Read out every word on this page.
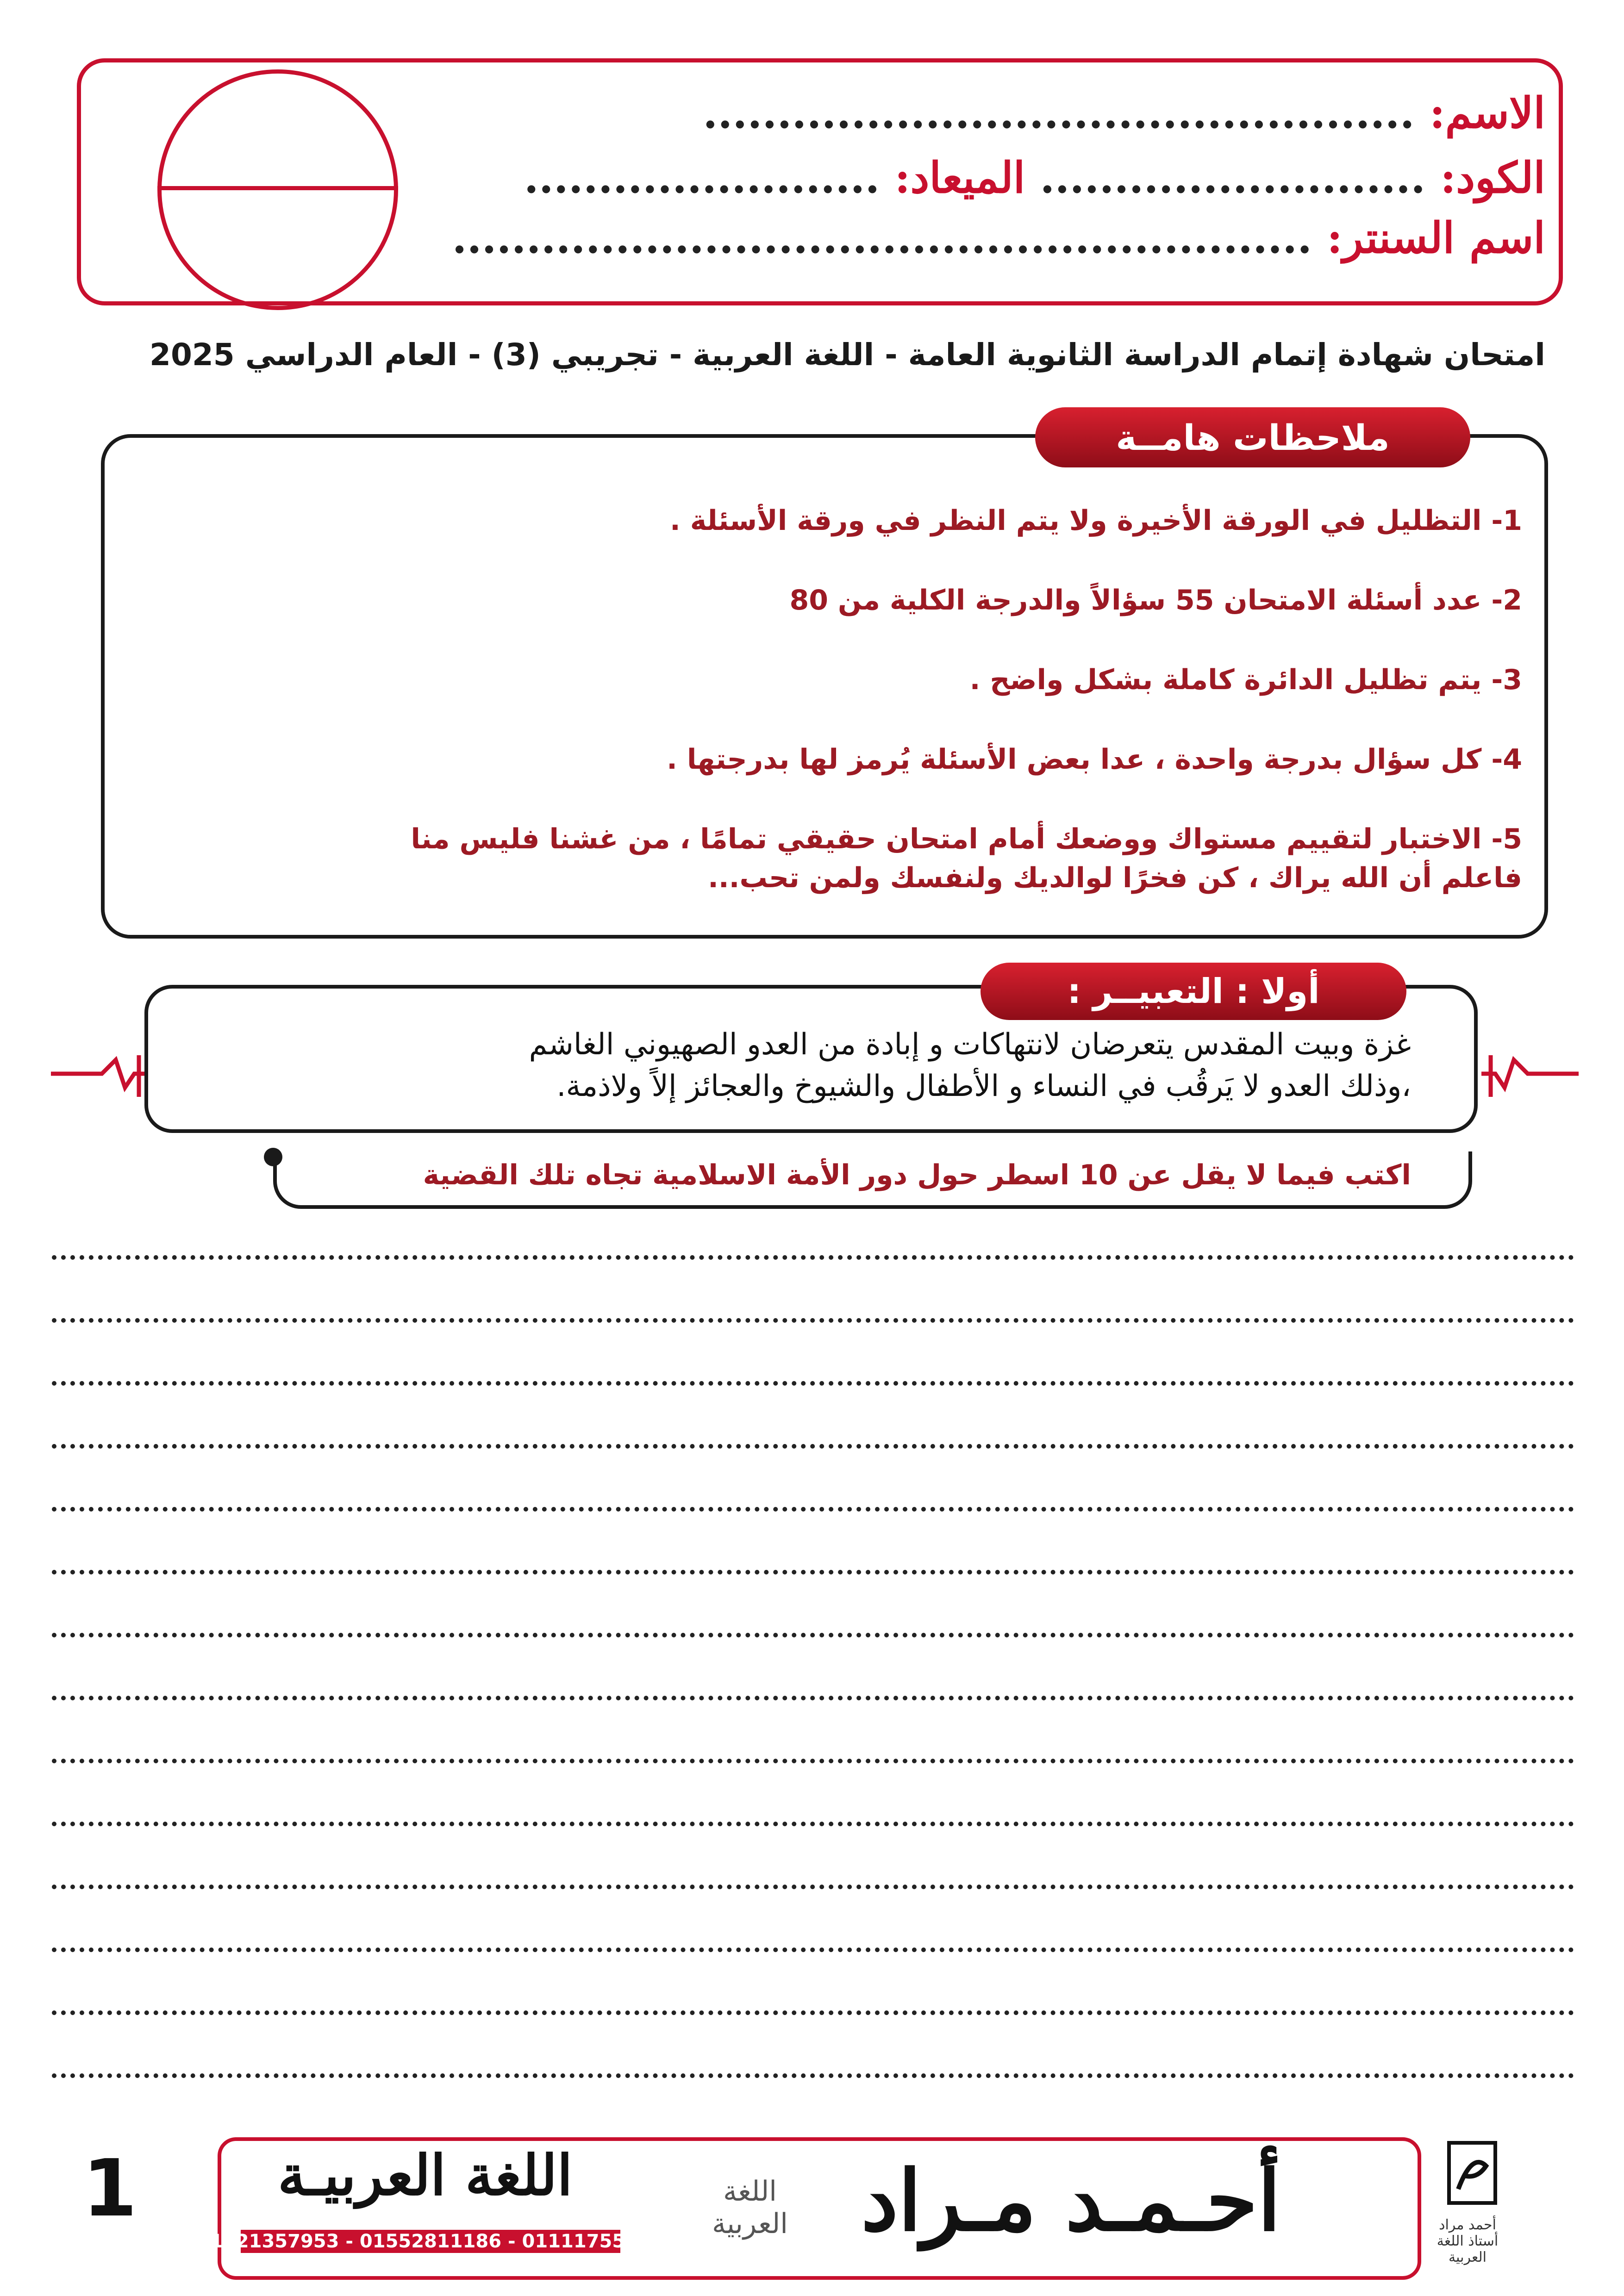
الاسم: ................................................
الكود: .......................... الميعاد: ........................
اسم السنتر: ..........................................................
امتحان شهادة إتمام الدراسة الثانوية العامة - اللغة العربية - تجريبي (3) - العام الدراسي 2025
ملاحظات هامــة
1- التظليل في الورقة الأخيرة ولا يتم النظر في ورقة الأسئلة .
2- عدد أسئلة الامتحان 55 سؤالاً والدرجة الكلية من 80
3- يتم تظليل الدائرة كاملة بشكل واضح .
4- كل سؤال بدرجة واحدة ، عدا بعض الأسئلة يُرمز لها بدرجتها .
5- الاختبار لتقييم مستواك ووضعك أمام امتحان حقيقي تمامًا ، من غشنا فليس منا
فاعلم أن الله يراك ، كن فخرًا لوالديك ولنفسك ولمن تحب...
أولا : التعبيــر :
غزة وبيت المقدس يتعرضان لانتهاكات و إبادة من العدو الصهيوني الغاشم
،وذلك العدو لا يَرقُب في النساء و الأطفال والشيوخ والعجائز إلاً ولاذمة.
اكتب فيما لا يقل عن 10 اسطر حول دور الأمة الاسلامية تجاه تلك القضية
1	اللغة العربيـة
01121357953 - 01552811186 - 01111755768
اللغة العربية أحـمـد مـراد	أحمد مراد
أستاذ اللغة العربية
